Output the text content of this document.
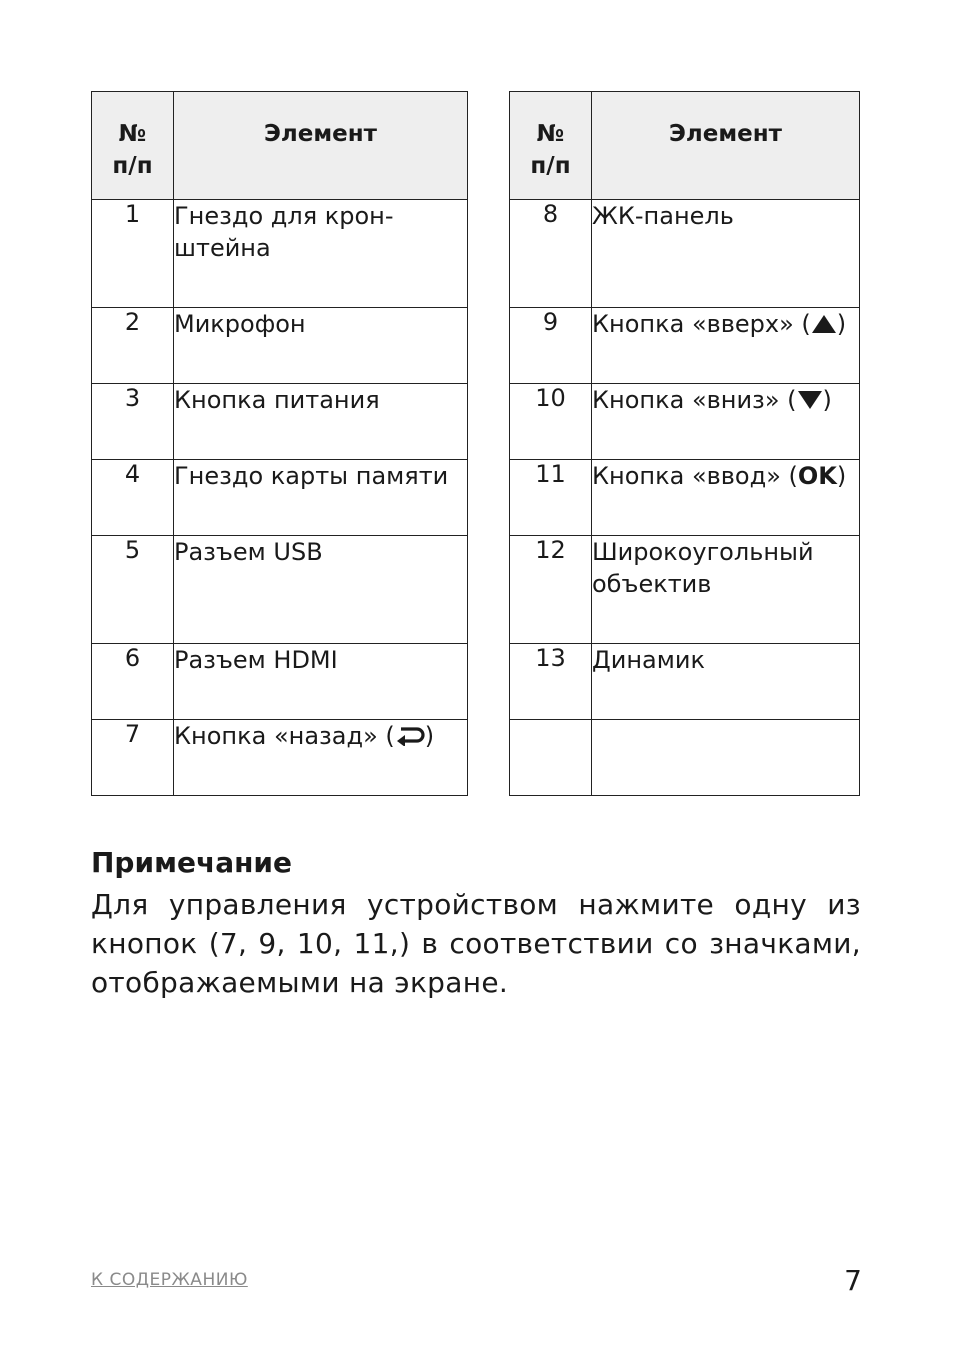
№
п/п	Элемент
1	Гнездо для крон-
штейна
2	Микрофон
3	Кнопка питания
4	Гнездо карты памяти
5	Разъем USB
6	Разъем HDMI
7	Кнопка «назад» ( )
№
п/п	Элемент
8	ЖК-панель
9	Кнопка «вверх» ( )
10	Кнопка «вниз» ( )
11	Кнопка «ввод» (OK)
12	Широкоугольный
объектив
13	Динамик

Примечание

Для управления устройством нажмите одну из кнопок (7, 9, 10, 11,) в соответствии со значками, отображаемыми на экране.

К СОДЕРЖАНИЮ	7
